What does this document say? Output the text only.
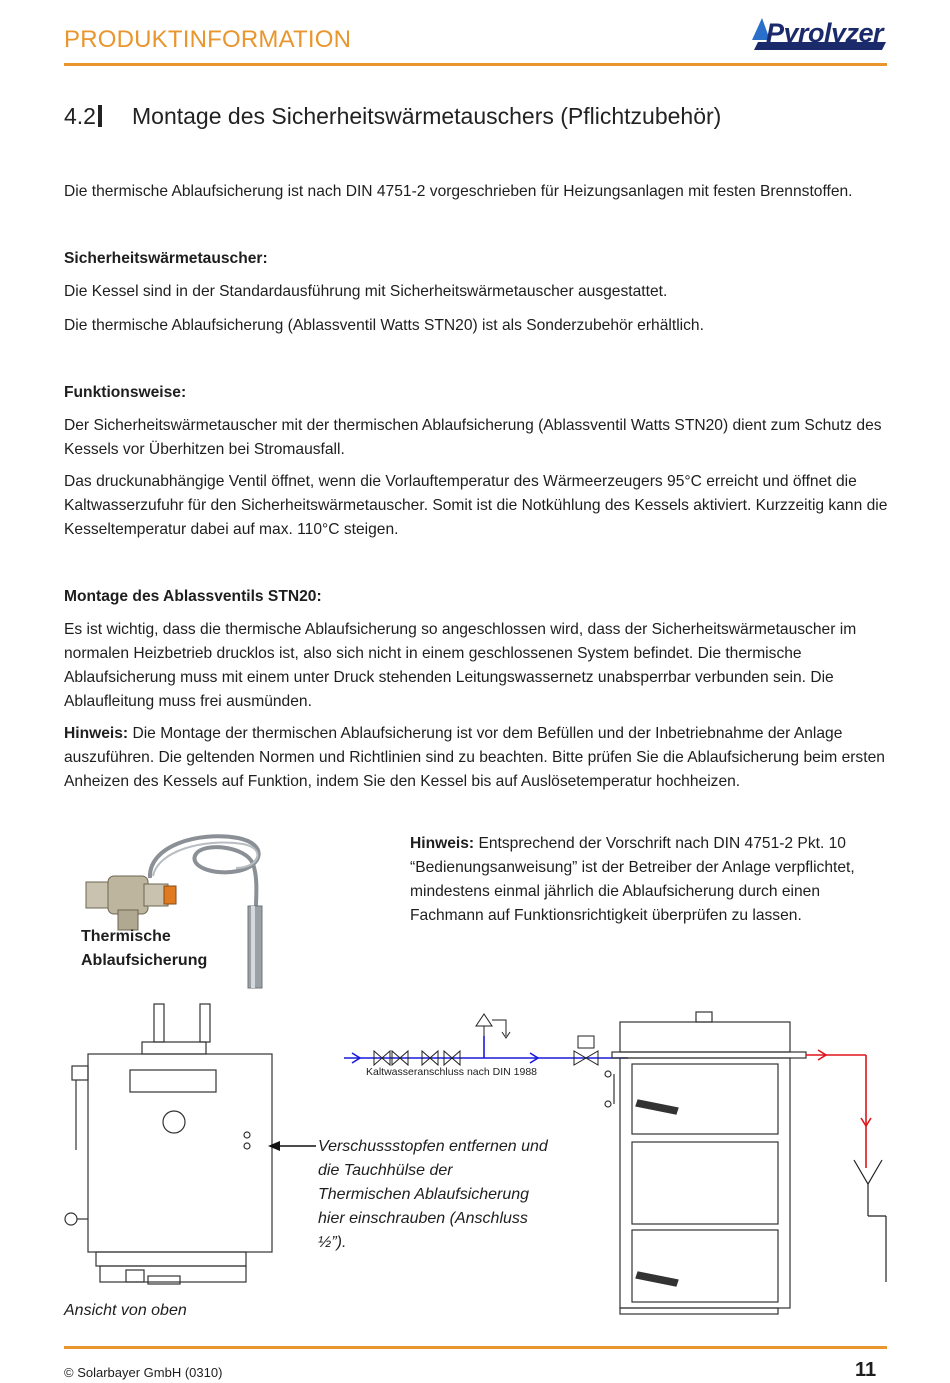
PRODUKTINFORMATION	Pyrolyzer
4.2 Montage des Sicherheitswärmetauschers (Pflichtzubehör)
Die thermische Ablaufsicherung ist nach DIN 4751-2 vorgeschrieben für Heizungsanlagen mit festen Brennstoffen.
Sicherheitswärmetauscher:
Die Kessel sind in der Standardausführung mit Sicherheitswärmetauscher ausgestattet.
Die thermische Ablaufsicherung (Ablassventil Watts STN20) ist als Sonderzubehör erhältlich.
Funktionsweise:
Der Sicherheitswärmetauscher mit der thermischen Ablaufsicherung (Ablassventil Watts STN20) dient zum Schutz des Kessels vor Überhitzen bei Stromausfall.
Das druckunabhängige Ventil öffnet, wenn die Vorlauftemperatur des Wärmeerzeugers 95°C erreicht und öffnet die Kaltwasserzufuhr für den Sicherheitswärmetauscher. Somit ist die Notkühlung des Kessels aktiviert. Kurzzeitig kann die Kesseltemperatur dabei auf max. 110°C steigen.
Montage des Ablassventils STN20:
Es ist wichtig, dass die thermische Ablaufsicherung so angeschlossen wird, dass der Sicherheitswärmetauscher im normalen Heizbetrieb drucklos ist, also sich nicht in einem geschlossenen System befindet. Die thermische Ablaufsicherung muss mit einem unter Druck stehenden Leitungswassernetz unabsperrbar verbunden sein. Die Ablaufleitung muss frei ausmünden.
Hinweis: Die Montage der thermischen Ablaufsicherung ist vor dem Befüllen und der Inbetriebnahme der Anlage auszuführen. Die geltenden Normen und Richtlinien sind zu beachten. Bitte prüfen Sie die Ablaufsicherung beim ersten Anheizen des Kessels auf Funktion, indem Sie den Kessel bis auf Auslösetemperatur hochheizen.
Thermische
Ablaufsicherung
Hinweis: Entsprechend der Vorschrift nach DIN 4751-2 Pkt. 10 “Bedienungsanweisung” ist der Betreiber der Anlage verpflichtet, mindestens einmal jährlich die Ablaufsicherung durch einen Fachmann auf Funktionsrichtigkeit überprüfen zu lassen.
Verschussstopfen entfernen und die Tauchhülse der Thermischen Ablaufsicherung hier einschrauben (Anschluss ½”).
Kaltwasseranschluss nach DIN 1988
Ansicht von oben
© Solarbayer GmbH (0310)	11
